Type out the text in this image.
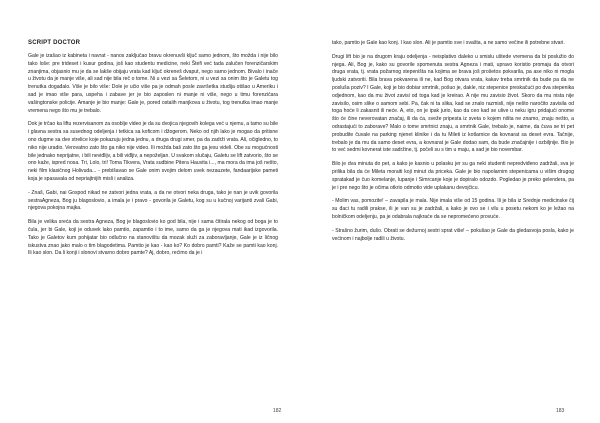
SCRIPT DOCTOR

Gale je izašao iz kabineta i navrat - nanos zaključao bravu okrenuvši ključ samo jednom, što možda i nije bilo tako loše: pre trideset i kusur godina, još kao studentu medicine, neki Štefi već tada zalučen forenzičarskim znanjima, objasnio mu je da se lakše obijaju vrata kad ključ okreneš dvaput, nego samo jednom. Bivalo i inače u životu da je manje više, ali sad nije bila reč o tome. Ni u vezi sa Šeletom, ni u vezi sa onim što je Galetu tog trenutka događalo. Više je bilo više: Dole je učio više pa je odmah posle završetka studija otišao u Ameriku i sad je imao više para, uspeha i zabave jer je bio zaposlen ni manje ni više, nego u timu forenzičara vašingtonske policije. Amanje je bio manje: Gale je, pored ostalih manjkova u životu, tog trenutka imao manje vremena nego što mu je trebalo.

Dok je trčao ka liftu rezervisanom za osoblje video je da su dvojica njegovih kolega već u njemu, a tamo su bile i glavna sestra sa susednog odeljenja i tetkica sa koficom i džogerom. Neko od njih lako je mogao da pritisne ono dugme sa dve strelice koje pokazuju jedna jednu, a druga drugi smer, pa da zadrži vrata. Ali, očigledno, to niko nije uradio. Verovatno zato što ga niko nije video. Ili možda baš zato što ga jesu videli. Obe su mogućnosti bile jednako neprijatne, i bili neviđlijv, a bili viđljiv, a nepoželjan. U svakom slučaju, Galetu se lift zatvorio, što se ono kaže, ispred nosa. Tri, Lolo, tri! Toma Tikvera, Vrata sudbine Pitera Hauvita i..., ma mora da ima još nešto, neki film klasičnog Holivuda... - prebišavao se Gale onim svojim delom uvek nezauzete, fandaarijske pameti koja je spasavala od nepriajtnijih misli i analiza.

- Znaš, Gabi, nai Gospod nikad ne zatvori jedna vrata, a da ne otvori neka druga, tako je nan je uvik govorila sestraAgneza, Bog ju blagoslovio, a imala je i pravo - govorila je Galetu, kog su u kučnoj varijanti zvali Gabi, njegova pokojna majka.

Bila je velika sreća da sestra Agneza, Bog je blagoslovio ko god bila, nije i sama čitirala nekog od boga je to čula, jer bi Gale, koji je oduvek lako pamtio, zapamtio i to ime, samo da ga je njegova mati ikad izgovorila. Tako je Galetov kum pohijatar bio odlučno na stanovištu da mozak služi za zaboravljanje, Gale je iz ličnog iskustva znao jako malo o tim blagodetima. Pamtio je kao - kao ko? Ko dobro pamti? Kaže se pamti kao konj. Ili kao slon. Da li konji i slonovi stvarno dobro pamte? Aj, dobro, rećimo da je i

182

tako, pamtio je Gale kao konj. I kao slon. Ali je pamtio sve i svašta, a ne samo večine ili potrebne stvari.

Drugi lift bio je na drugom kraju odeljenja - neisplativo daleko u smislu uštede vremena da bi poslužio do njega. Ali, Bog je, kako su govorile spomenuta sestra Agneza i mati, upravo koristio promaju da otvori druga vrata, tj. vrata požarnog stepeništa na kojima se brava još prošetos pokvarila, pa ase niko ni mogla ljudski zatvoriti. Bila brava pokvarena ili ne, kad Bog otvara vrata, kakav treba smrtnik da bude pa da ne posluša poziv? I Gale, koji je bio dobiar smrtnik, pošuo je, dakle, niz stepenice preskačući po dva stepenika odjednom, kao da mu život zavisi od toga kad je kreirao. A nije mu zavisio život. Skoro da mu nista nije zavisilo, osim slike o samom sebi. Pa, čak ni ta slika, kad se znalo razmisli, nije nešto naročito zavisila od toga hoće li zakasnit ili neće. A, eto, on je ipak jurio, kao da ceo kad se ulive u neku igru pridajući onome što će čine neverovatan značaj, ili da ća, sveže pripesta iz sveta o kojem ništa ne znamo, znaju nešto, a odrastajući to zaborave? Malo o tome smrtnici znaju, a smrtnik Gale, trebalo je, naime, da čuva se tri pet probudite čuvale na parking njenet klinike i da tu Mileti iz kotlarnice da kovnarat sa deset evra. Tačnije, trebalo je da mu da samo deset evra, a kovnarat je Gale dodao sam, da bude značajnije i ozbiljnije. Bio je to već sedmi kovnerat iste sadržine, tj. počeli su s tim u maju, a sad je bio novembar.

Bilo je dva minuta do pet, a kako je kasnio u polasku jer su ga neki studenti nepredviđeno zadržali, sva je prilika bila da će Mileta moraiti koji minut da priceka. Gale je bio napolarnim stepenicama u višim drugog spratakad je čuo komelanje, lupanje i Simrcanje koje je dopiralo odozdo. Pogledao je preko gelendera, pa je i pre nego što je očima otkrio odmotio vide uplakanu devojčicu.

- Molim vas, pomozite! – zavapila je mala. Nije imala više od 15 godina. Ili je bila iz Srednje medicinske čij su đaci tu radili prakse, ili je van su je zadržali, a kako je ovo se i vilu u posetu nekom ko je ležao na bolničkom odeljenju, pa je odabrala najkraće da se nepromećeno provuće.

- Strašno žurim, dušo. Obrati se dežurnoj sestri sprat više! – pokušao je Gale da gledasvoja posla, kako je većinom i najbolje radili u životu.

183
